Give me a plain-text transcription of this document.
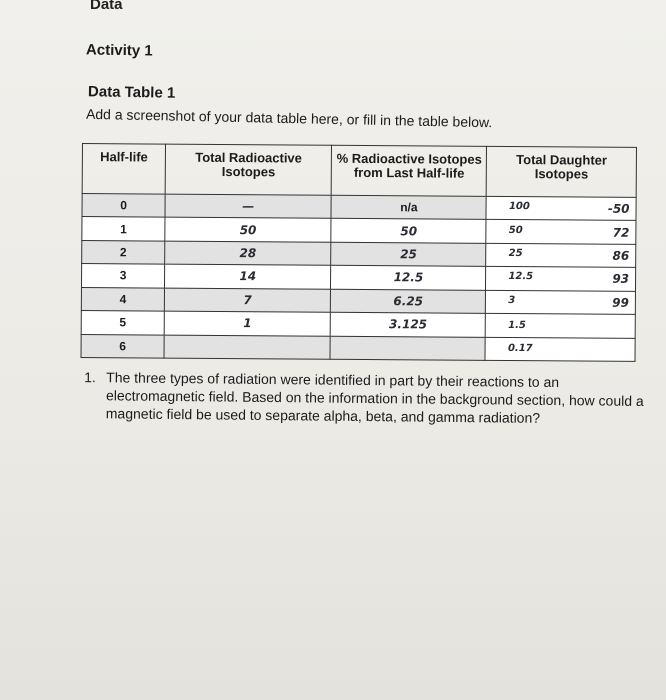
Data
Activity 1
Data Table 1
Add a screenshot of your data table here, or fill in the table below.
Half-life	Total Radioactive Isotopes	% Radioactive Isotopes from Last Half-life	Total Daughter Isotopes
0	—	n/a	100 -50

1	50	50	50 72

2	28	25	25 86

3	14	12.5	12.5 93

4	7	6.25	3 99

5	1	3.125	1.5

6			0.17
1. The three types of radiation were identified in part by their reactions to an electromagnetic field. Based on the information in the background section, how could a magnetic field be used to separate alpha, beta, and gamma radiation?
